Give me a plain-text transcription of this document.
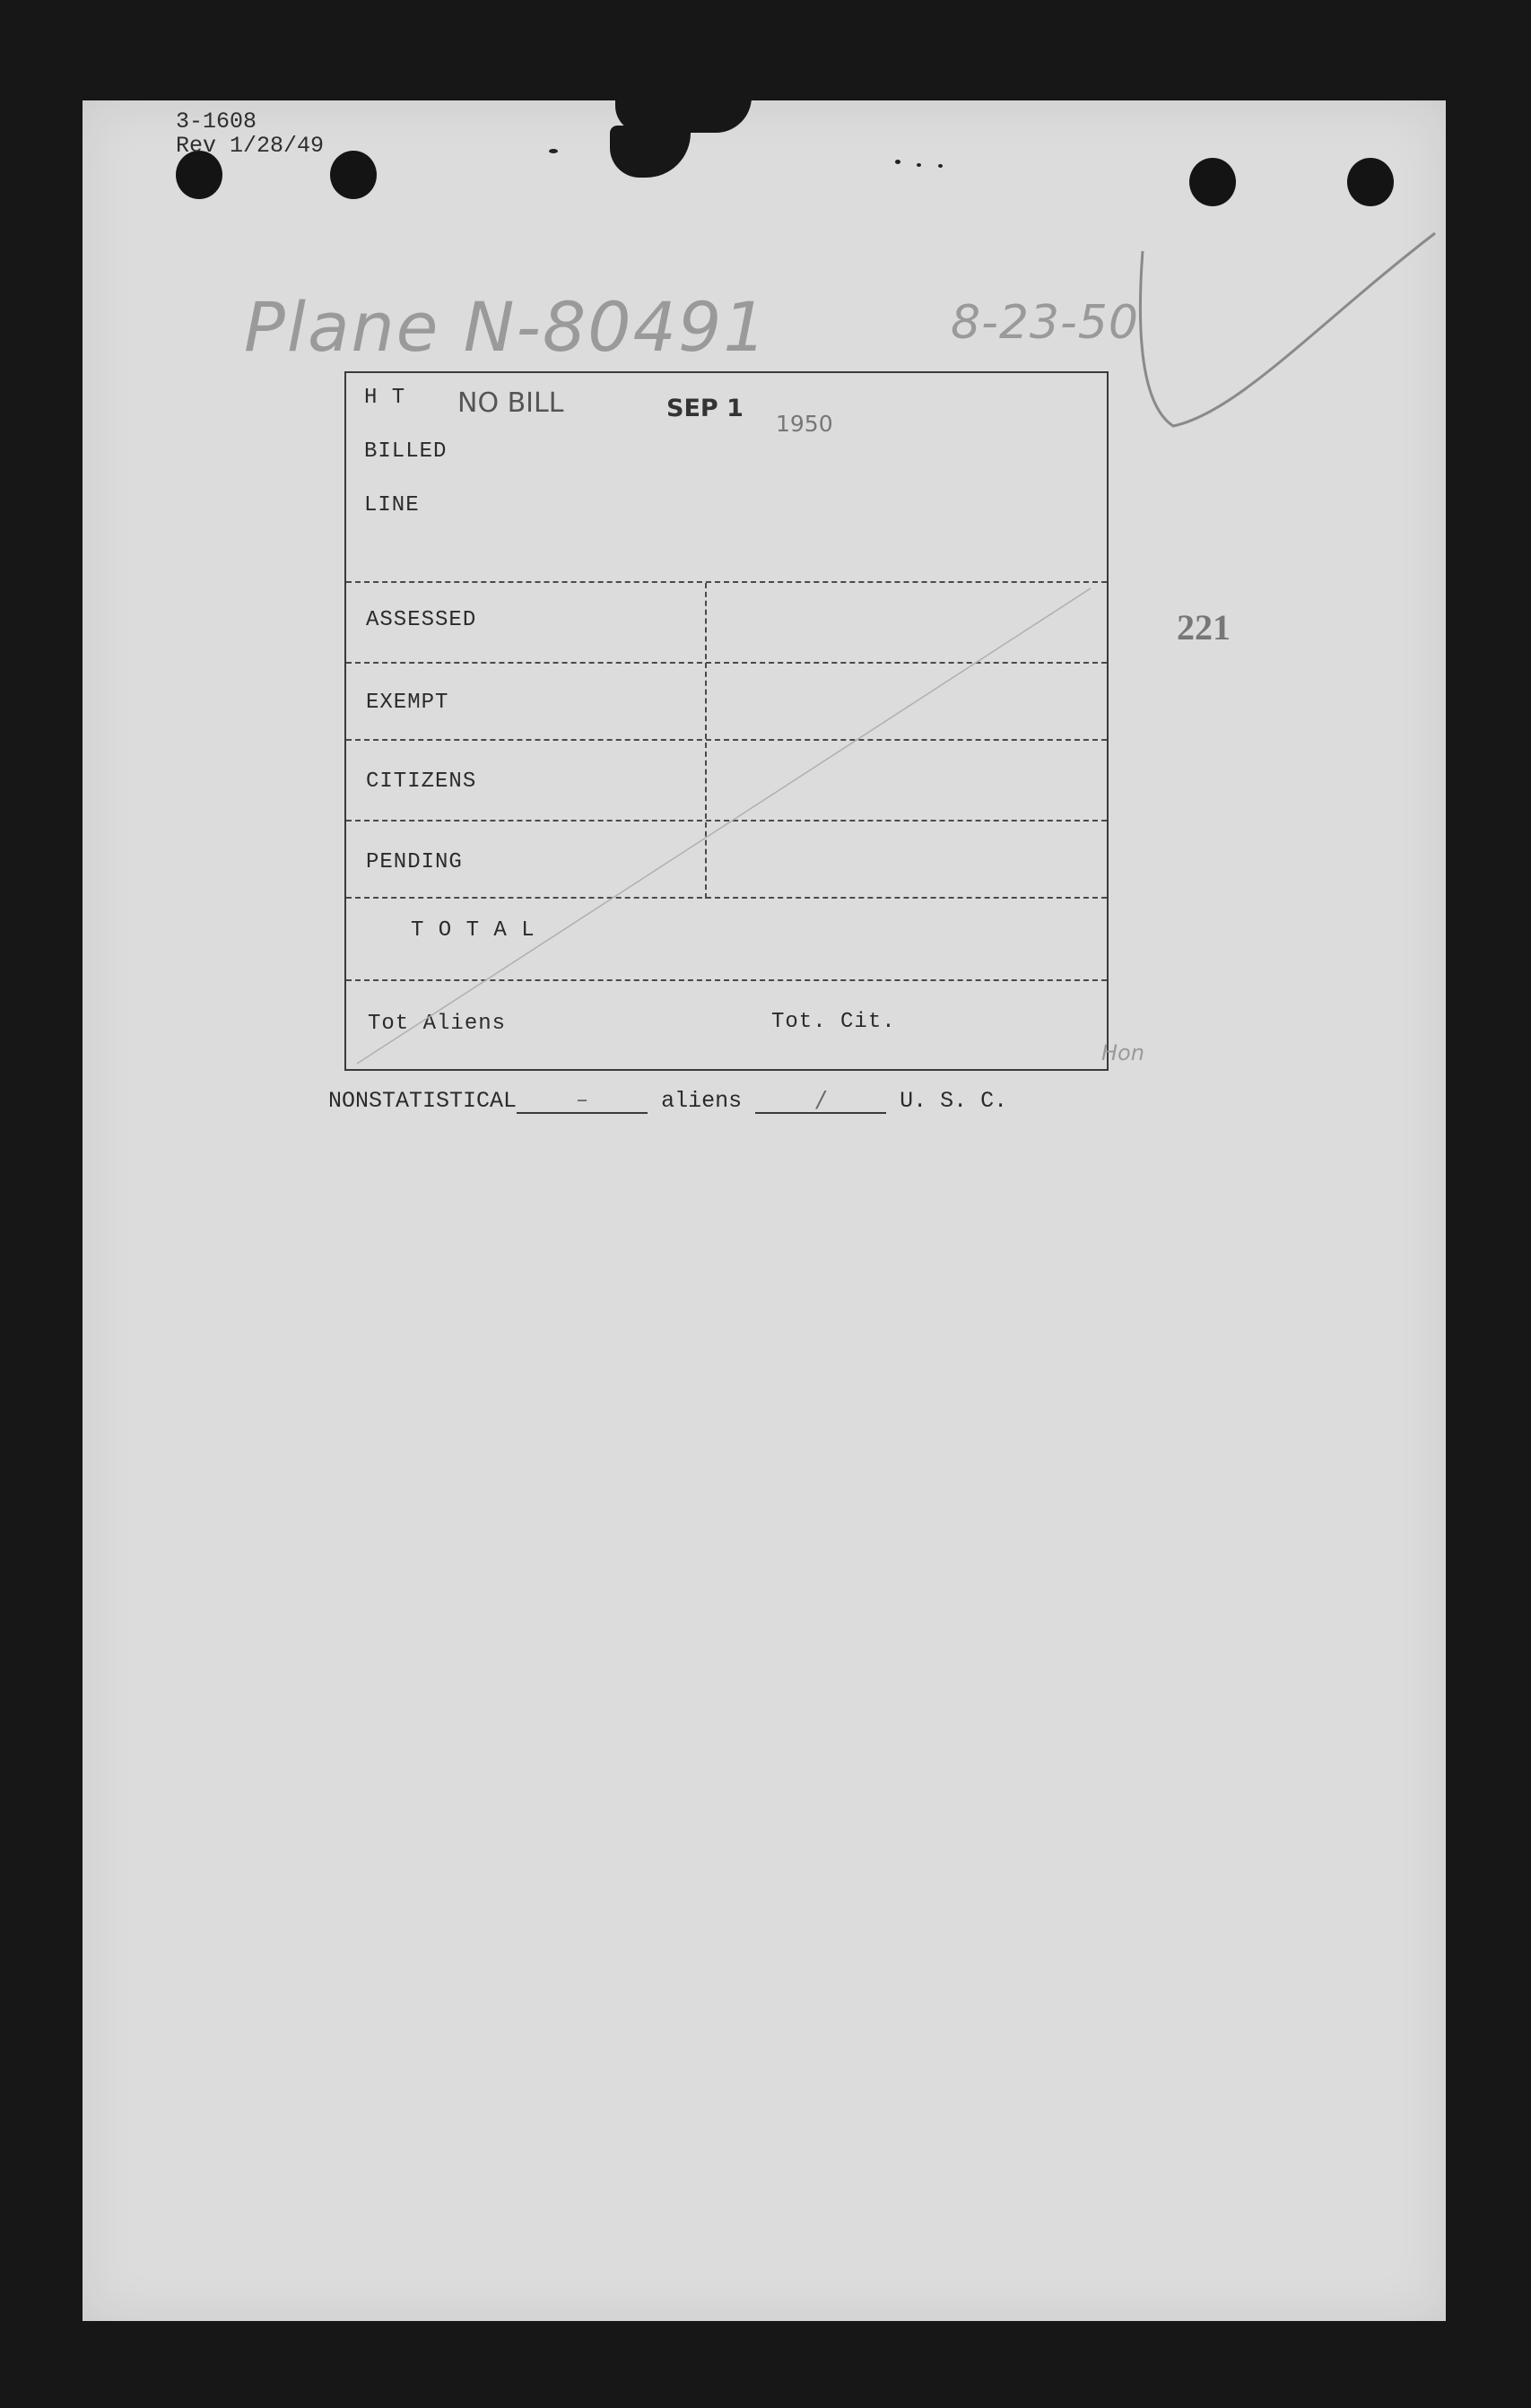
3-1608
Rev 1/28/49
Plane N-80491	8-23-50
NO BILL	SEP 1
1950
221
H T
BILLED
LINE
ASSESSED
EXEMPT
CITIZENS
PENDING
T O T A L
Tot Aliens	Tot. Cit.
Hon
NONSTATISTICAL	–	aliens	/	U. S. C.
